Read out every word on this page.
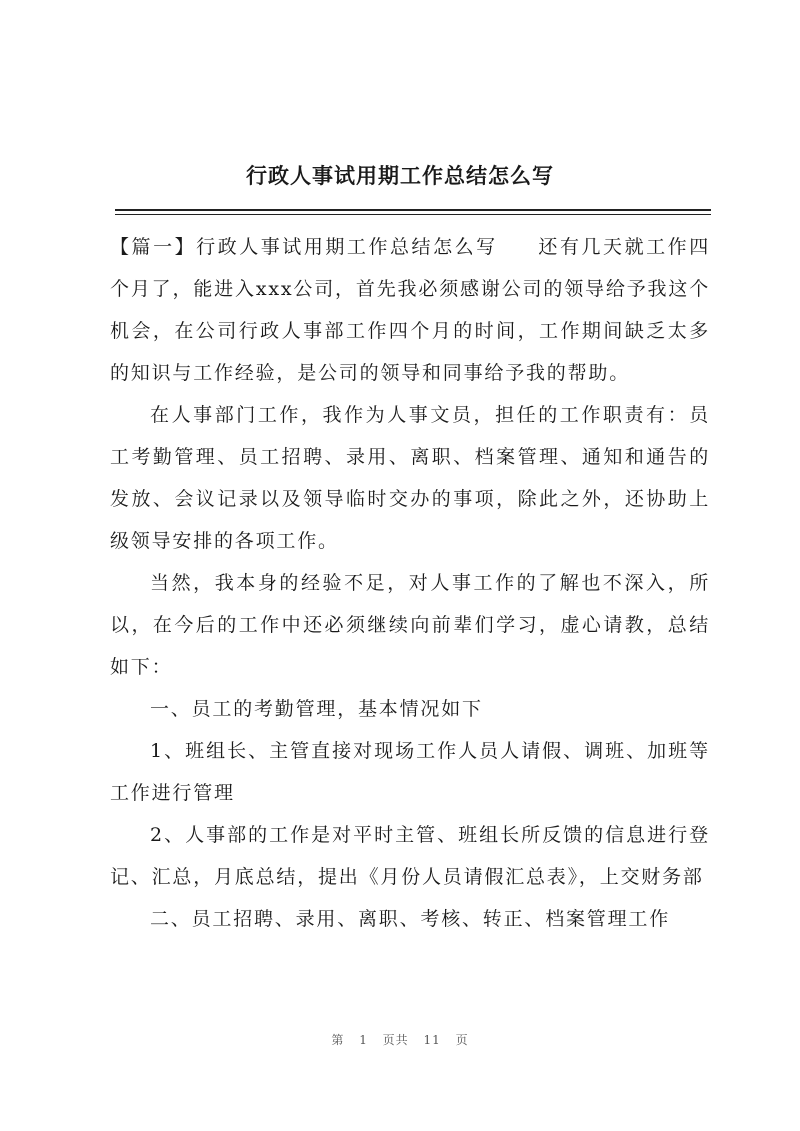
行政人事试用期工作总结怎么写

【篇一】行政人事试用期工作总结怎么写 还有几天就工作四个月了，能进入xxx公司，首先我必须感谢公司的领导给予我这个机会，在公司行政人事部工作四个月的时间，工作期间缺乏太多的知识与工作经验，是公司的领导和同事给予我的帮助。

在人事部门工作，我作为人事文员，担任的工作职责有：员工考勤管理、员工招聘、录用、离职、档案管理、通知和通告的发放、会议记录以及领导临时交办的事项，除此之外，还协助上级领导安排的各项工作。

当然，我本身的经验不足，对人事工作的了解也不深入，所以，在今后的工作中还必须继续向前辈们学习，虚心请教，总结如下：

一、员工的考勤管理，基本情况如下

1、班组长、主管直接对现场工作人员人请假、调班、加班等工作进行管理

2、人事部的工作是对平时主管、班组长所反馈的信息进行登记、汇总，月底总结，提出《月份人员请假汇总表》，上交财务部

二、员工招聘、录用、离职、考核、转正、档案管理工作

第 1 页共 11 页
